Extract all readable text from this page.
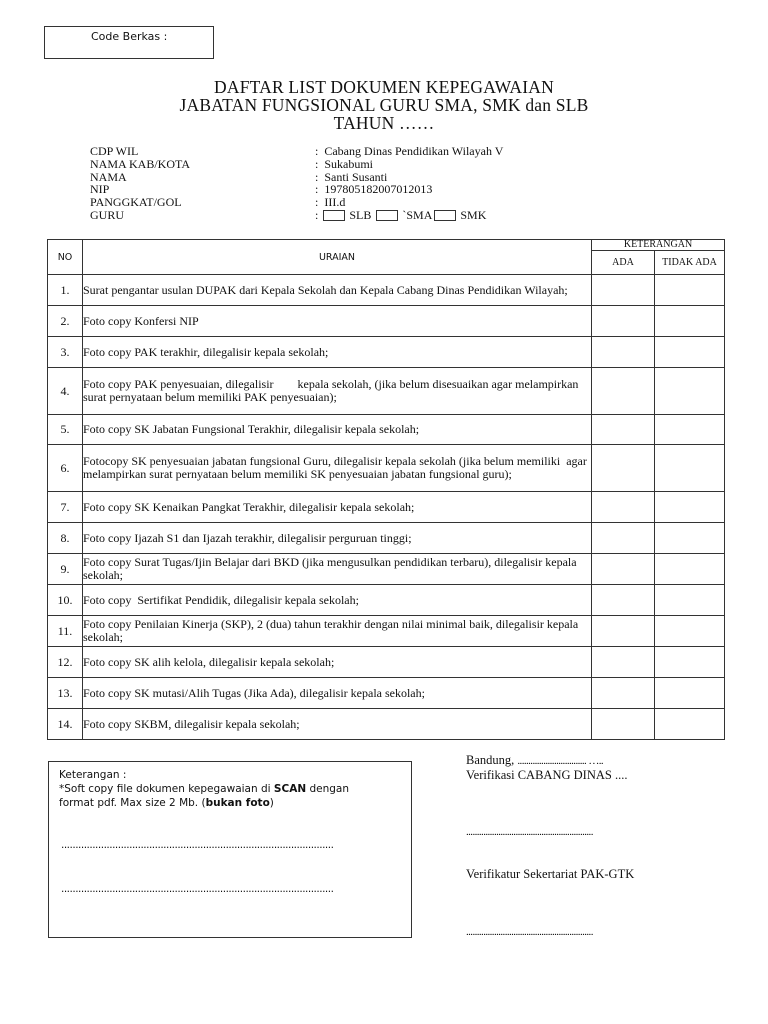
Code Berkas :
DAFTAR LIST DOKUMEN KEPEGAWAIAN
JABATAN FUNGSIONAL GURU SMA, SMK dan SLB
TAHUN ……
CDP WIL	: Cabang Dinas Pendidikan Wilayah V
NAMA KAB/KOTA	: Sukabumi
NAMA	: Santi Susanti
NIP	: 197805182007012013
PANGGKAT/GOL	: III.d
GURU	:	SLB	`SMA SMK
NO	URAIAN	KETERANGAN	
		ADA	TIDAK ADA
1.	Surat pengantar usulan DUPAK dari Kepala Sekolah dan Kepala Cabang Dinas Pendidikan Wilayah;		
2.	Foto copy Konfersi NIP		
3.	Foto copy PAK terakhir, dilegalisir kepala sekolah;		
4.	Foto copy PAK penyesuaian, dilegalisir        kepala sekolah, (jika belum disesuaikan agar melampirkan surat pernyataan belum memiliki PAK penyesuaian);		
5.	Foto copy SK Jabatan Fungsional Terakhir, dilegalisir kepala sekolah;		
6.	Fotocopy SK penyesuaian jabatan fungsional Guru, dilegalisir kepala sekolah (jika belum memiliki  agar melampirkan surat pernyataan belum memiliki SK penyesuaian jabatan fungsional guru);		
7.	Foto copy SK Kenaikan Pangkat Terakhir, dilegalisir kepala sekolah;		
8.	Foto copy Ijazah S1 dan Ijazah terakhir, dilegalisir perguruan tinggi;		
9.	Foto copy Surat Tugas/Ijin Belajar dari BKD (jika mengusulkan pendidikan terbaru), dilegalisir kepala sekolah;		
10.	Foto copy  Sertifikat Pendidik, dilegalisir kepala sekolah;		
11.	Foto copy Penilaian Kinerja (SKP), 2 (dua) tahun terakhir dengan nilai minimal baik, dilegalisir kepala sekolah;		
12.	Foto copy SK alih kelola, dilegalisir kepala sekolah;		
13.	Foto copy SK mutasi/Alih Tugas (Jika Ada), dilegalisir kepala sekolah;		
14.	Foto copy SKBM, dilegalisir kepala sekolah;		
Keterangan :
*Soft copy file dokumen kepegawaian di SCAN dengan
format pdf. Max size 2 Mb. (bukan foto)
................................................................................................
................................................................................................
Bandung, ................................ …..
Verifikasi CABANG DINAS ....
...........................................................
Verifikatur Sekertariat PAK-GTK
...........................................................
